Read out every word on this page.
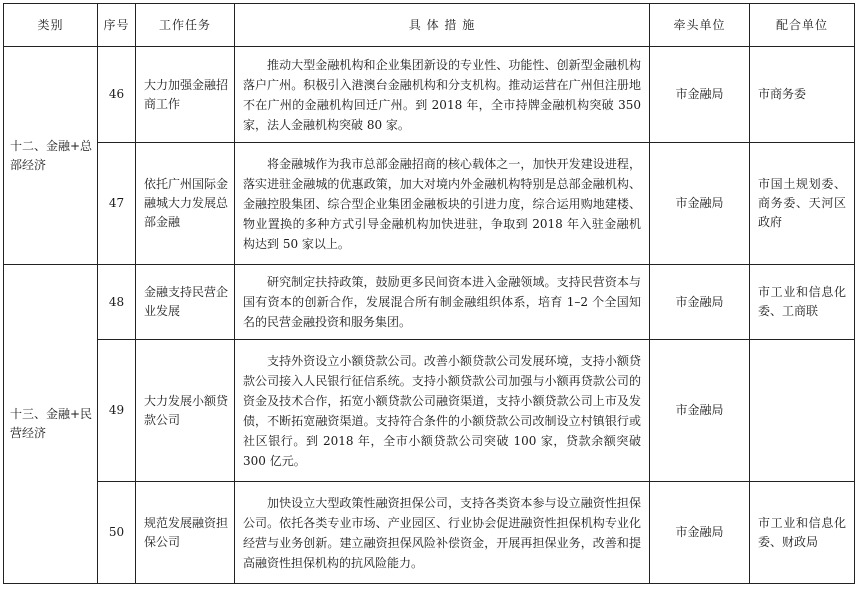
类别	序号	工作任务	具 体 措 施	牵头单位	配合单位
十二、金融+总部经济	46	大力加强金融招商工作	推动大型金融机构和企业集团新设的专业性、功能性、创新型金融机构落户广州。积极引入港澳台金融机构和分支机构。推动运营在广州但注册地不在广州的金融机构回迁广州。到 2018 年，全市持牌金融机构突破 350 家，法人金融机构突破 80 家。	市金融局	市商务委
	47	依托广州国际金融城大力发展总部金融	将金融城作为我市总部金融招商的核心载体之一，加快开发建设进程，落实进驻金融城的优惠政策，加大对境内外金融机构特别是总部金融机构、金融控股集团、综合型企业集团金融板块的引进力度，综合运用购地建楼、物业置换的多种方式引导金融机构加快进驻，争取到 2018 年入驻金融机构达到 50 家以上。	市金融局	市国土规划委、商务委、天河区政府
十三、金融+民营经济	48	金融支持民营企业发展	研究制定扶持政策，鼓励更多民间资本进入金融领域。支持民营资本与国有资本的创新合作，发展混合所有制金融组织体系，培育 1–2 个全国知名的民营金融投资和服务集团。	市金融局	市工业和信息化委、工商联
	49	大力发展小额贷款公司	支持外资设立小额贷款公司。改善小额贷款公司发展环境，支持小额贷款公司接入人民银行征信系统。支持小额贷款公司加强与小额再贷款公司的资金及技术合作，拓宽小额贷款公司融资渠道，支持小额贷款公司上市及发债，不断拓宽融资渠道。支持符合条件的小额贷款公司改制设立村镇银行或社区银行。到 2018 年，全市小额贷款公司突破 100 家，贷款余额突破 300 亿元。	市金融局	
	50	规范发展融资担保公司	加快设立大型政策性融资担保公司，支持各类资本参与设立融资性担保公司。依托各类专业市场、产业园区、行业协会促进融资性担保机构专业化经营与业务创新。建立融资担保风险补偿资金，开展再担保业务，改善和提高融资性担保机构的抗风险能力。	市金融局	市工业和信息化委、财政局
